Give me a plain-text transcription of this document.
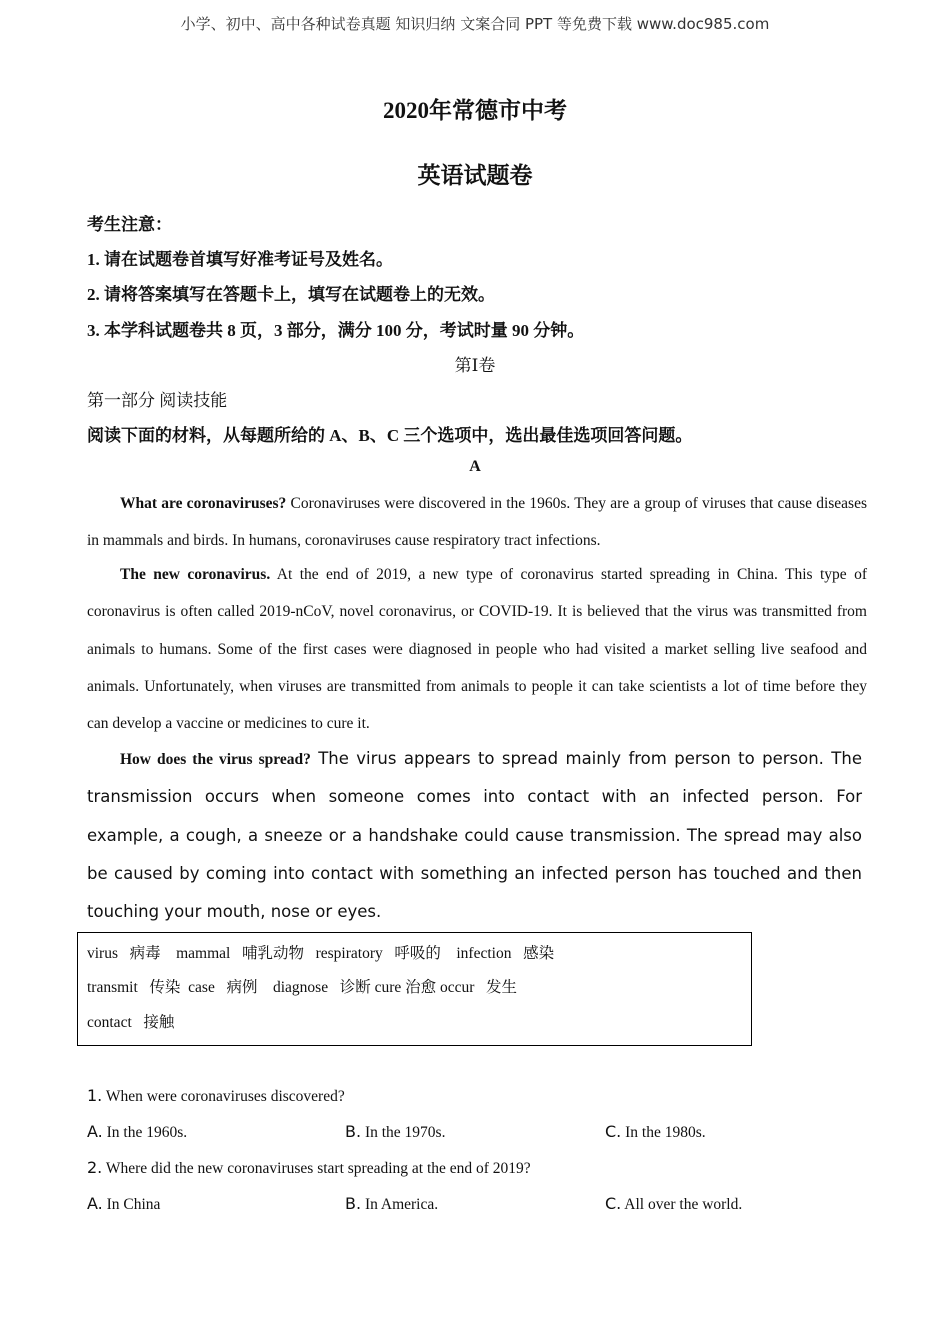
小学、初中、高中各种试卷真题 知识归纳 文案合同 PPT 等免费下载 www.doc985.com
2020年常德市中考
英语试题卷
考生注意：
1. 请在试题卷首填写好准考证号及姓名。
2. 请将答案填写在答题卡上，填写在试题卷上的无效。
3. 本学科试题卷共 8 页，3 部分，满分 100 分，考试时量 90 分钟。
第Ⅰ卷
第一部分 阅读技能
阅读下面的材料，从每题所给的 A、B、C 三个选项中，选出最佳选项回答问题。
A

What are coronaviruses? Coronaviruses were discovered in the 1960s. They are a group of viruses that cause diseases in mammals and birds. In humans, coronaviruses cause respiratory tract infections.

The new coronavirus. At the end of 2019, a new type of coronavirus started spreading in China. This type of coronavirus is often called 2019-nCoV, novel coronavirus, or COVID-19. It is believed that the virus was transmitted from animals to humans. Some of the first cases were diagnosed in people who had visited a market selling live seafood and animals. Unfortunately, when viruses are transmitted from animals to people it can take scientists a lot of time before they can develop a vaccine or medicines to cure it.

How does the virus spread? The virus appears to spread mainly from person to person. The transmission occurs when someone comes into contact with an infected person. For example, a cough, a sneeze or a handshake could cause transmission. The spread may also be caused by coming into contact with something an infected person has touched and then touching your mouth, nose or eyes.

virus   病毒    mammal   哺乳动物   respiratory   呼吸的    infection   感染
transmit   传染  case   病例    diagnose   诊断 cure 治愈 occur   发生
contact   接触
1. When were coronaviruses discovered?
A. In the 1960s.	B. In the 1970s.	C. In the 1980s.
2. Where did the new coronaviruses start spreading at the end of 2019?
A. In China	B. In America.	C. All over the world.
